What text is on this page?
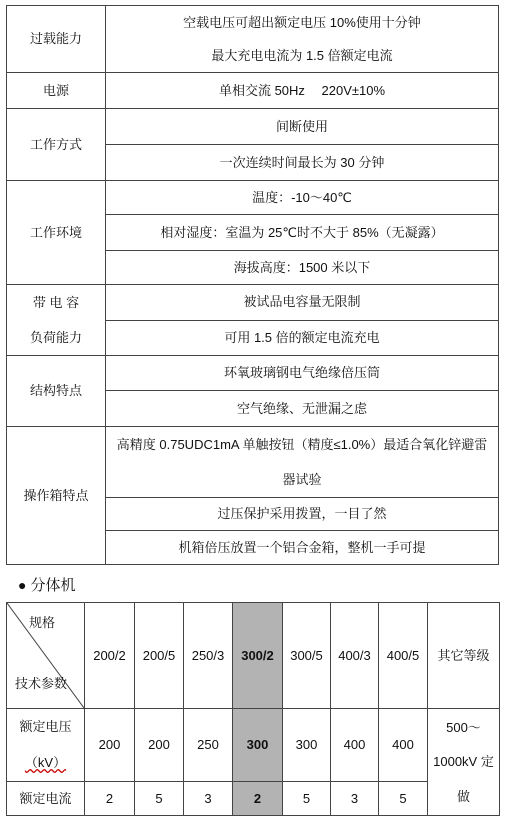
过载能力	空载电压可超出额定电压 10%使用十分钟
最大充电电流为 1.5 倍额定电流

电源	单相交流 50Hz　 220V±10%
工作方式	间断使用
	一次连续时间最长为 30 分钟
工作环境	温度：-10～40℃
	相对湿度：室温为 25℃时不大于 85%（无凝露）
	海拔高度：1500 米以下

带 电 容
负荷能力	被试品电容量无限制
	可用 1.5 倍的额定电流充电
结构特点	环氧玻璃钢电气绝缘倍压筒
	空气绝缘、无泄漏之虑
操作箱特点	高精度 0.75UDC1mA 单触按钮（精度≤1.0%）最适合氧化锌避雷
器试验

	过压保护采用拨置，一目了然
	机箱倍压放置一个铝合金箱，整机一手可提
● 分体机
规格
技术参数	200/2	200/5	250/3	300/2	300/5	400/3	400/5	其它等级

额定电压
（kV）	200	200	250	300	300	400	400	500～
1000kV 定
做

额定电流	2	5	3	2	5	3	5	
